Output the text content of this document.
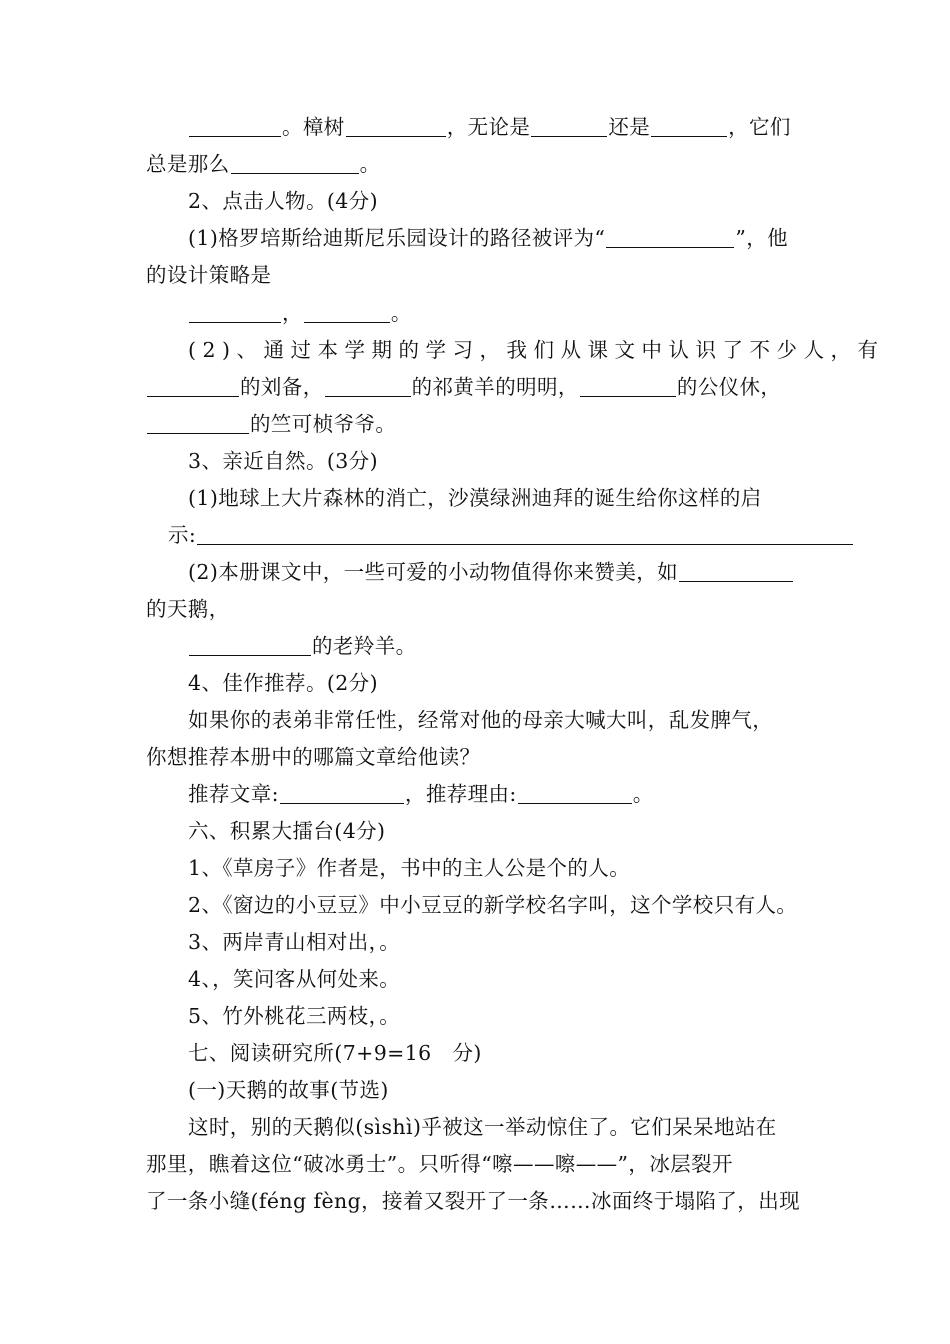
。樟树	，无论是	还是	，它们
总是那么	。
2、点击人物。(4分)
(1)格罗培斯给迪斯尼乐园设计的路径被评为“	”，他
的设计策略是
，	。
(2)、通过本学期的学习，我们从课文中认识了不少人，有
的刘备，	的祁黄羊的明明，	的公仪休，
的竺可桢爷爷。
3、亲近自然。(3分)
(1)地球上大片森林的消亡，沙漠绿洲迪拜的诞生给你这样的启
示:
(2)本册课文中，一些可爱的小动物值得你来赞美，如
的天鹅，
的老羚羊。
4、佳作推荐。(2分)
如果你的表弟非常任性，经常对他的母亲大喊大叫，乱发脾气，
你想推荐本册中的哪篇文章给他读？
推荐文章:	，推荐理由:	。
六、积累大擂台(4分)
1、《草房子》作者是，书中的主人公是个的人。
2、《窗边的小豆豆》中小豆豆的新学校名字叫，这个学校只有人。
3、两岸青山相对出，。
4、，笑问客从何处来。
5、竹外桃花三两枝，。
七、阅读研究所(7+9=16　分)
(一)天鹅的故事(节选)
这时，别的天鹅似(sìshì)乎被这一举动惊住了。它们呆呆地站在
那里，瞧着这位“破冰勇士”。只听得“嚓——嚓——”，冰层裂开
了一条小缝(féng fèng，接着又裂开了一条……冰面终于塌陷了，出现
